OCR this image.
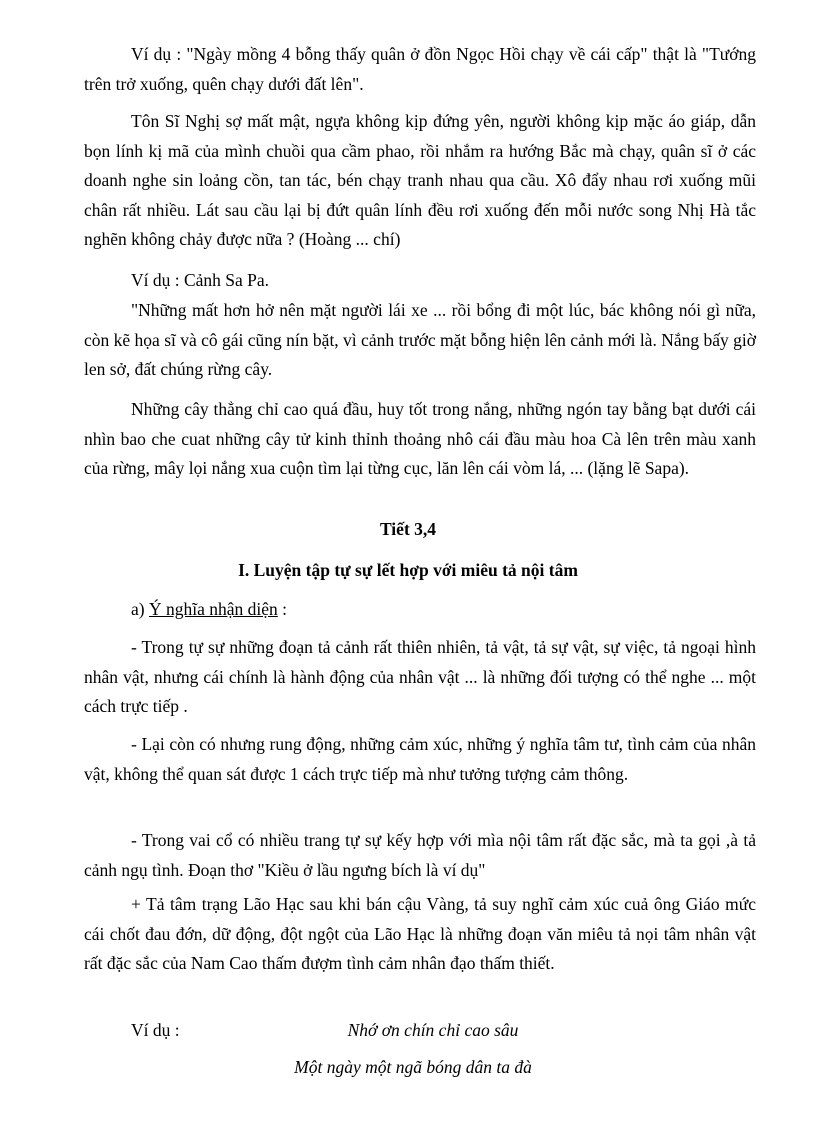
Ví dụ : "Ngày mồng 4 bỗng thấy quân ở đồn Ngọc Hồi chạy về cái cấp" thật là "Tướng trên trở xuống, quên chạy dưới đất lên".

Tôn Sĩ Nghị sợ mất mật, ngựa không kịp đứng yên, người không kịp mặc áo giáp, dẫn bọn lính kị mã của mình chuồi qua cầm phao, rồi nhắm ra hướng Bắc mà chạy, quân sĩ ở các doanh nghe sin loảng cồn, tan tác, bén chạy tranh nhau qua cầu. Xô đẩy nhau rơi xuống mũi chân rất nhiều. Lát sau cầu lại bị đứt quân lính đều rơi xuống đến mỗi nước song Nhị Hà tắc nghẽn không chảy được nữa ? (Hoàng ... chí)

Ví dụ : Cảnh Sa Pa.

"Những mất hơn hở nên mặt người lái xe ... rồi bổng đi một lúc, bác không nói gì nữa, còn kẽ họa sĩ và cô gái cũng nín bặt, vì cảnh trước mặt bỗng hiện lên cảnh mới là. Nắng bấy giờ len sở, đất chúng rừng cây.

Những cây thẳng chỉ cao quá đầu, huy tốt trong nắng, những ngón tay bằng bạt dưới cái nhìn bao che cuat những cây tử kinh thỉnh thoảng nhô cái đầu màu hoa Cà lên trên màu xanh của rừng, mây lọi nắng xua cuộn tìm lại từng cục, lăn lên cái vòm lá, ... (lặng lẽ Sapa).

Tiết 3,4

I. Luyện tập tự sự lết hợp với miêu tả nội tâm

a) Ý nghĩa nhận diện :

- Trong tự sự những đoạn tả cảnh rất thiên nhiên, tả vật, tả sự vật, sự việc, tả ngoại hình nhân vật, nhưng cái chính là hành động của nhân vật ... là những đối tượng có thể nghe ... một cách trực tiếp .

- Lại còn có nhưng rung động, những cảm xúc, những ý nghĩa tâm tư, tình cảm của nhân vật, không thể quan sát được 1 cách trực tiếp mà như tưởng tượng cảm thông.

- Trong vai cổ có nhiều trang tự sự kếy hợp với mìa nội tâm rất đặc sắc, mà ta gọi ,à tả cảnh ngụ tình. Đoạn thơ "Kiều ở lầu ngưng bích là ví dụ"

+ Tả tâm trạng Lão Hạc sau khi bán cậu Vàng, tả suy nghĩ cảm xúc cuả ông Giáo mức cái chốt đau đớn, dữ động, đột ngột của Lão Hạc là những đoạn văn miêu tả nọi tâm nhân vật rất đặc sắc của Nam Cao thấm đượm tình cảm nhân đạo thấm thiết.

Ví dụ :	Nhớ ơn chín chỉ cao sâu

Một ngày một ngã bóng dân ta đà
